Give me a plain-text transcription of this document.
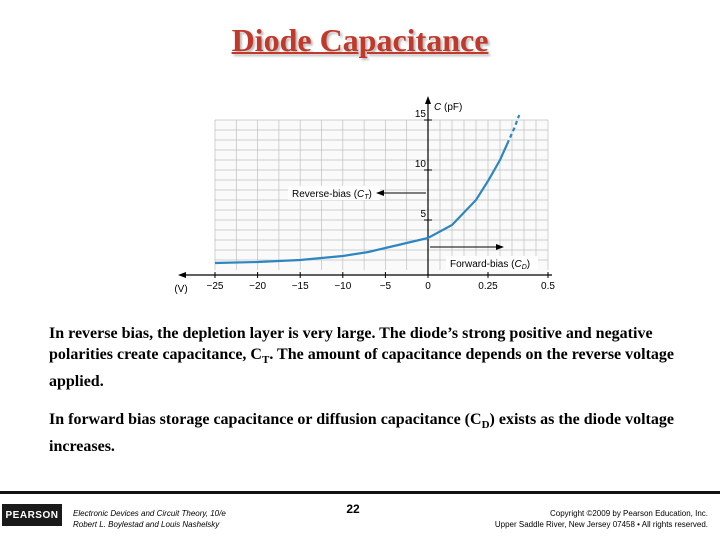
Diode Capacitance
Reverse-bias $(C_T)$
Forward-bias $(C_D)$
5
10
15
C (pF)
−25	−20	−15	−10	−5	0	0.25	0.5
(V)
In reverse bias, the depletion layer is very large. The diode’s strong positive and negative polarities create capacitance, $C_T$. The amount of capacitance depends on the reverse voltage applied.
In forward bias storage capacitance or diffusion capacitance $(C_D)$ exists as the diode voltage increases.
PEARSON	Electronic Devices and Circuit Theory, 10/e
Robert L. Boylestad and Louis Nashelsky
22	Copyright ©2009 by Pearson Education, Inc.
Upper Saddle River, New Jersey 07458 • All rights reserved.
